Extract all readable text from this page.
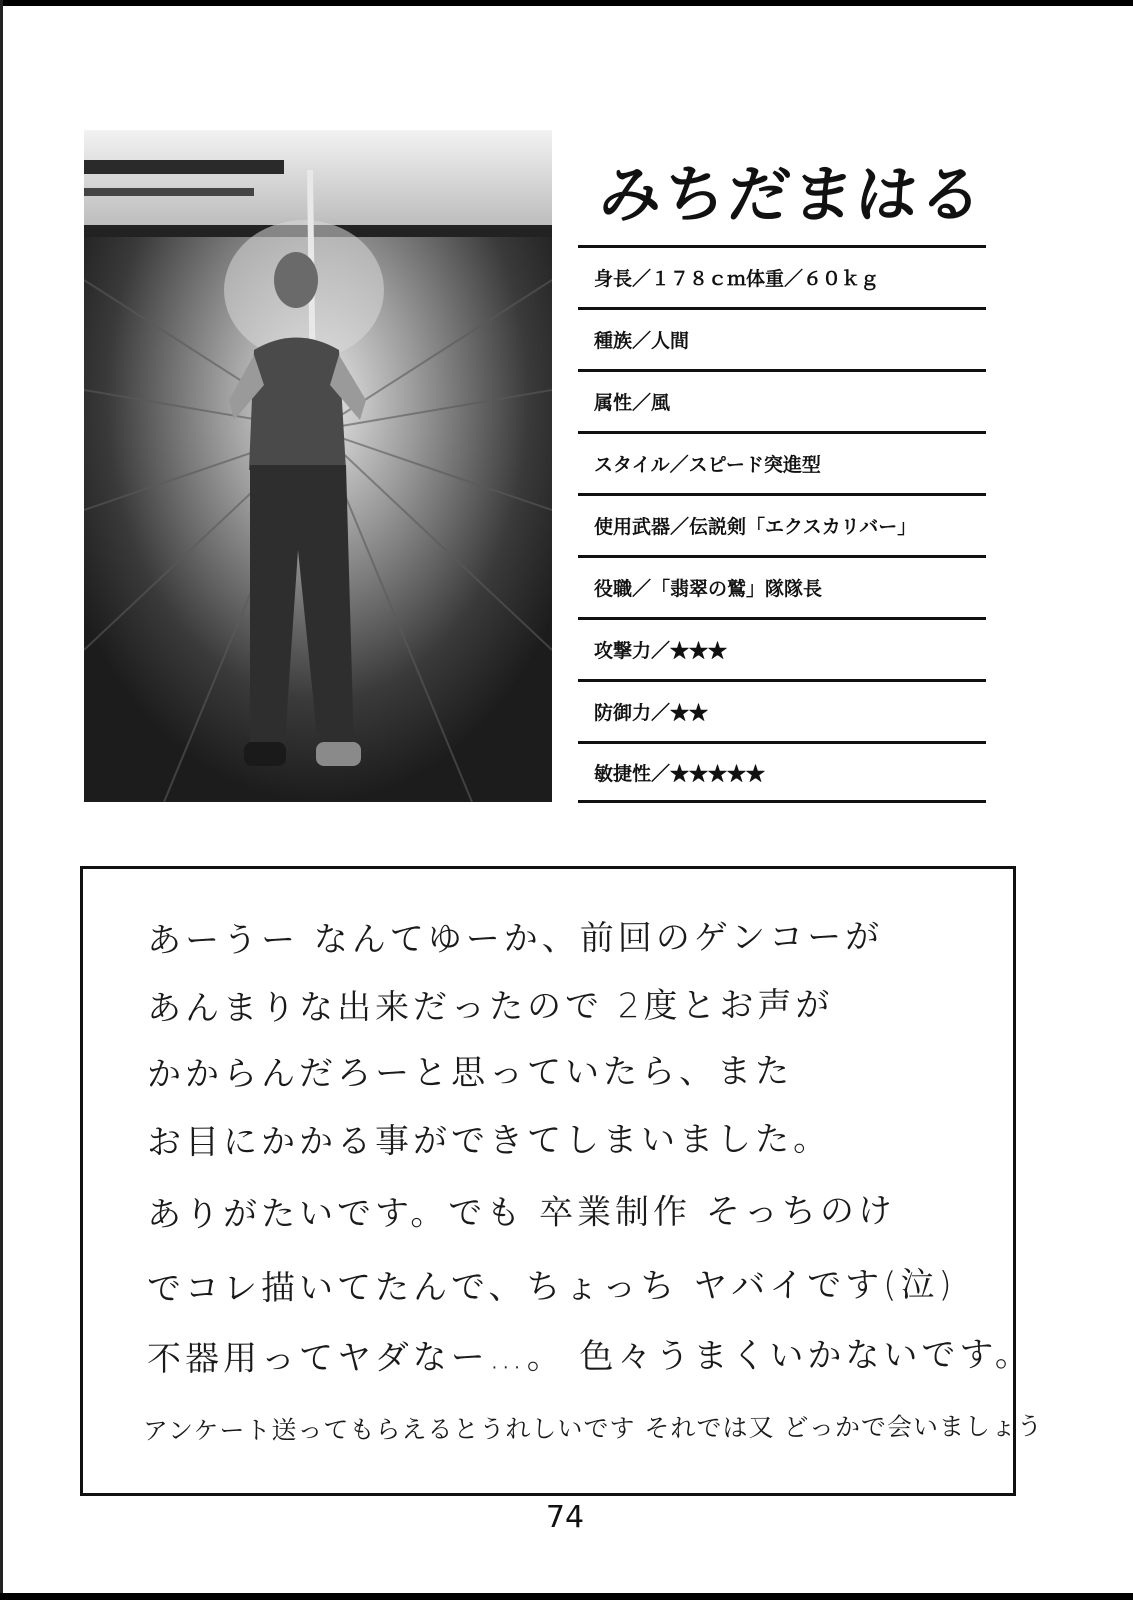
みちだまはる
身長／１７８ｃｍ体重／６０ｋｇ
種族／人間
属性／風
スタイル／スピード突進型
使用武器／伝説剣「エクスカリバー」
役職／「翡翠の鷲」隊隊長
攻撃力／★★★
防御力／★★
敏捷性／★★★★★
あーうー なんてゆーか、前回のゲンコーが
あんまりな出来だったので 2度とお声が
かからんだろーと思っていたら、また
お目にかかる事ができてしまいました。
ありがたいです。でも 卒業制作 そっちのけ
でコレ描いてたんで、ちょっち ヤバイです(泣)
不器用ってヤダなー…。 色々うまくいかないです。
アンケート送ってもらえるとうれしいです それでは又 どっかで会いましょう
74
